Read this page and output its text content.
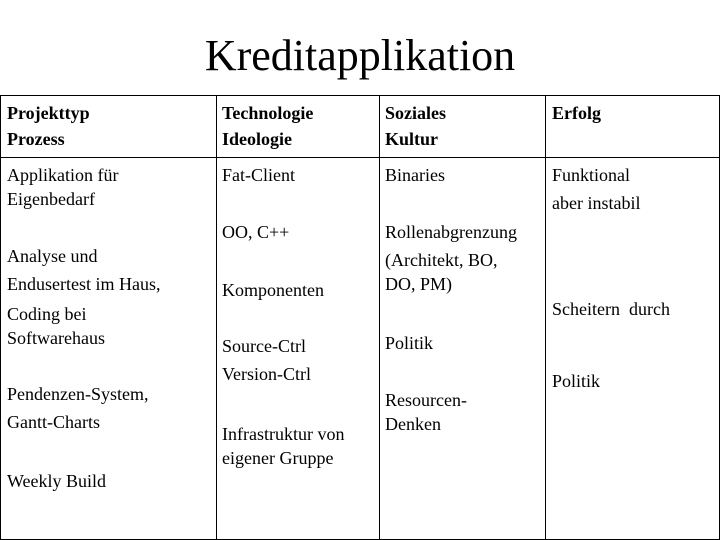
Kreditapplikation
Projekttyp
Prozess
Technologie
Ideologie
Soziales
Kultur
Erfolg
Applikation für
Eigenbedarf
Analyse und
Endusertest im Haus,
Coding bei
Softwarehaus
Pendenzen-System,
Gantt-Charts
Weekly Build
Fat-Client
OO, C++
Komponenten
Source-Ctrl
Version-Ctrl
Infrastruktur von
eigener Gruppe
Binaries
Rollenabgrenzung
(Architekt, BO,
DO, PM)
Politik
Resourcen-
Denken
Funktional
aber instabil

Scheitern  durch

Politik
